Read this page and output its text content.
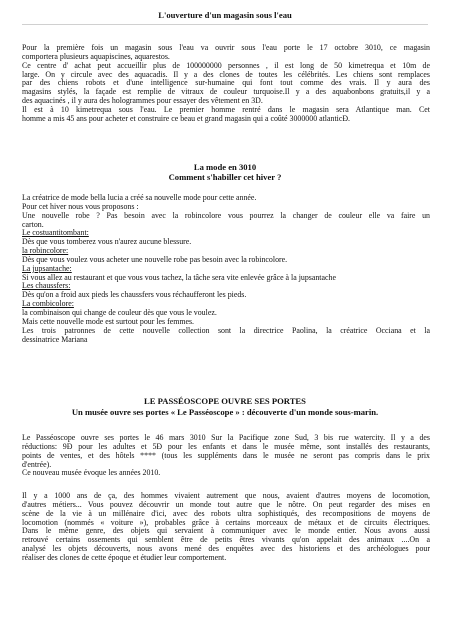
L'ouverture d'un magasin sous l'eau
Pour la première fois un magasin sous l'eau va ouvrir sous l'eau porte le 17 octobre 3010, ce magasin
comportera plusieurs aquapiscines, aquarestos.
Ce centre d' achat peut accueillir plus de 100000000 personnes , il est long de 50 kimetrequa et 10m de
large. On y circule avec des aquacadis. Il y a des clones de toutes les célébrités. Les chiens sont remplaces
par des chiens robots et d'une intelligence sur-humaine qui font tout comme des vrais. Il y aura des
magasins stylés, la façade est remplie de vitraux de couleur turquoise.Il y a des aquabonbons gratuits,il y a
des aquacinés , il y aura des hologrammes pour essayer des vêtement en 3D.
Il est à 10 kimetrequa sous l'eau. Le premier homme rentré dans le magasin sera Atlantique man. Cet
homme a mis 45 ans pour acheter et construire ce beau et grand magasin qui a coûté 3000000 atlanticÐ.
La mode en 3010
Comment s'habiller cet hiver ?
La créatrice de mode bella lucia a créé sa nouvelle mode pour cette année.
Pour cet hiver nous vous proposons :
Une nouvelle robe ? Pas besoin avec la robincolore vous pourrez la changer de couleur elle va faire un
carton.
Le costuantitombant:
Dès que vous tomberez vous n'aurez aucune blessure.
la robincolore:
Dès que vous voulez vous acheter une nouvelle robe pas besoin avec la robincolore.
La jupsantache:
Si vous allez au restaurant et que vous vous tachez, la tâche sera vite enlevée grâce à la jupsantache
Les chaussfers:
Dès qu'on a froid aux pieds les chaussfers vous réchaufferont les pieds.
La combicolore:
la combinaison qui change de couleur dès que vous le voulez.
Mais cette nouvelle mode est surtout pour les femmes.
Les trois patronnes de cette nouvelle collection sont la directrice Paolina, la créatrice Occiana et la
dessinatrice Mariana
LE PASSÉOSCOPE OUVRE SES PORTES
Un musée ouvre ses portes « Le Passéoscope » : découverte d'un monde sous-marin.
Le Passéoscope ouvre ses portes le 46 mars 3010 Sur la Pacifique zone Sud, 3 bis rue watercity. Il y a des
réductions: 9Ð pour les adultes et 5Ð pour les enfants et dans le musée même, sont installés des restaurants,
points de ventes, et des hôtels **** (tous les suppléments dans le musée ne seront pas compris dans le prix
d'entrée).
Ce nouveau musée évoque les années 2010.
Il y a 1000 ans de ça, des hommes vivaient autrement que nous, avaient d'autres moyens de locomotion,
d'autres métiers... Vous pouvez découvrir un monde tout autre que le nôtre. On peut regarder des mises en
scène de la vie à un millénaire d'ici, avec des robots ultra sophistiqués, des recompositions de moyens de
locomotion (nommés « voiture »), probables grâce à certains morceaux de métaux et de circuits électriques.
Dans le même genre, des objets qui servaient à communiquer avec le monde entier. Nous avons aussi
retrouvé certains ossements qui semblent être de petits êtres vivants qu'on appelait des animaux ....On a
analysé les objets découverts, nous avons mené des enquêtes avec des historiens et des archéologues pour
réaliser des clones de cette époque et étudier leur comportement.
